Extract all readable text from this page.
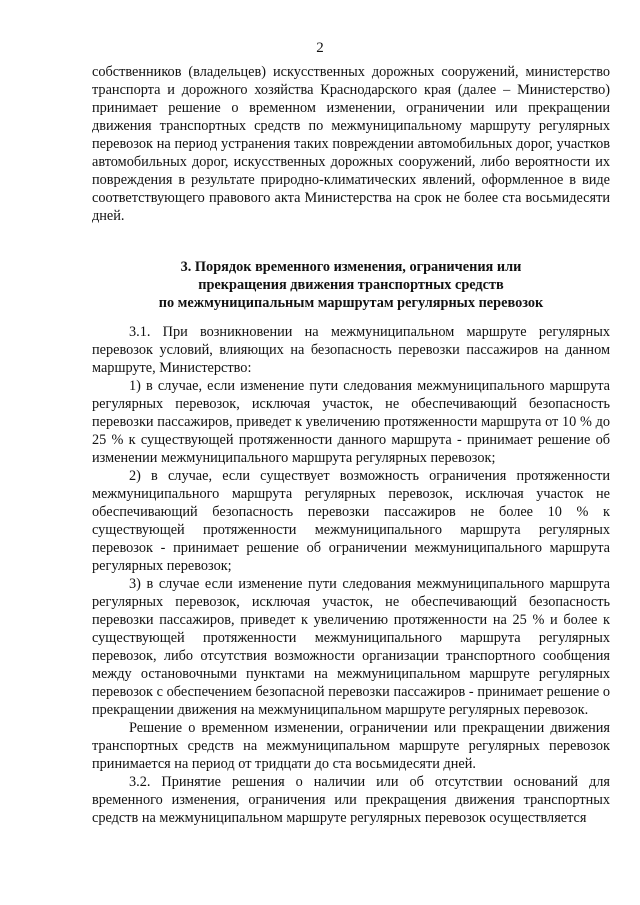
2

собственников (владельцев) искусственных дорожных сооружений, министерство транспорта и дорожного хозяйства Краснодарского края (далее – Министерство) принимает решение о временном изменении, ограничении или прекращении движения транспортных средств по межмуниципальному маршруту регулярных перевозок на период устранения таких повреждении автомобильных дорог, участков автомобильных дорог, искусственных дорожных сооружений, либо вероятности их повреждения в результате природно-климатических явлений, оформленное в виде соответствующего правового акта Министерства на срок не более ста восьмидесяти дней.

3. Порядок временного изменения, ограничения или
прекращения движения транспортных средств
по межмуниципальным маршрутам регулярных перевозок

3.1. При возникновении на межмуниципальном маршруте регулярных перевозок условий, влияющих на безопасность перевозки пассажиров на данном маршруте, Министерство:

1) в случае, если изменение пути следования межмуниципального маршрута регулярных перевозок, исключая участок, не обеспечивающий безопасность перевозки пассажиров, приведет к увеличению протяженности маршрута от 10 % до 25 % к существующей протяженности данного маршрута - принимает решение об изменении межмуниципального маршрута регулярных перевозок;

2) в случае, если существует возможность ограничения протяженности межмуниципального маршрута регулярных перевозок, исключая участок не обеспечивающий безопасность перевозки пассажиров не более 10 % к существующей протяженности межмуниципального маршрута регулярных перевозок - принимает решение об ограничении межмуниципального маршрута регулярных перевозок;

3) в случае если изменение пути следования межмуниципального маршрута регулярных перевозок, исключая участок, не обеспечивающий безопасность перевозки пассажиров, приведет к увеличению протяженности на 25 % и более к существующей протяженности межмуниципального маршрута регулярных перевозок, либо отсутствия возможности организации транспортного сообщения между остановочными пунктами на межмуниципальном маршруте регулярных перевозок с обеспечением безопасной перевозки пассажиров - принимает решение о прекращении движения на межмуниципальном маршруте регулярных перевозок.

Решение о временном изменении, ограничении или прекращении движения транспортных средств на межмуниципальном маршруте регулярных перевозок принимается на период от тридцати до ста восьмидесяти дней.

3.2. Принятие решения о наличии или об отсутствии оснований для временного изменения, ограничения или прекращения движения транспортных средств на межмуниципальном маршруте регулярных перевозок осуществляется
